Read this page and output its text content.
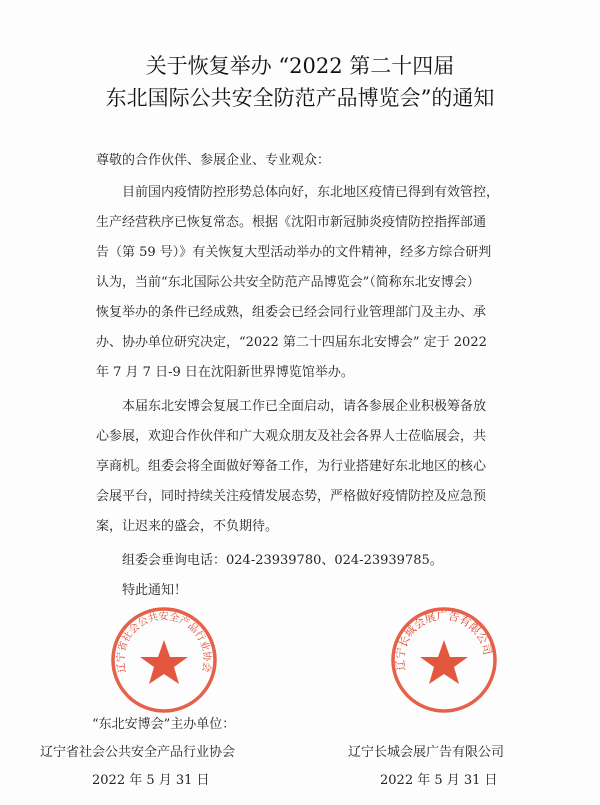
关于恢复举办 “2022 第二十四届
东北国际公共安全防范产品博览会”的通知
尊敬的合作伙伴、参展企业、专业观众：
目前国内疫情防控形势总体向好，东北地区疫情已得到有效管控，
生产经营秩序已恢复常态。根据《沈阳市新冠肺炎疫情防控指挥部通
告（第 59 号）》有关恢复大型活动举办的文件精神，经多方综合研判
认为，当前“东北国际公共安全防范产品博览会”（简称东北安博会）
恢复举办的条件已经成熟，组委会已经会同行业管理部门及主办、承
办、协办单位研究决定，“2022 第二十四届东北安博会” 定于 2022
年 7 月 7 日-9 日在沈阳新世界博览馆举办。
本届东北安博会复展工作已全面启动，请各参展企业积极筹备放
心参展，欢迎合作伙伴和广大观众朋友及社会各界人士莅临展会，共
享商机。组委会将全面做好筹备工作，为行业搭建好东北地区的核心
会展平台，同时持续关注疫情发展态势，严格做好疫情防控及应急预
案，让迟来的盛会，不负期待。
组委会垂询电话：024-23939780、024-23939785。
特此通知！
“东北安博会”主办单位：
辽宁省社会公共安全产品行业协会
2022 年 5 月 31 日
辽宁长城会展广告有限公司
2022 年 5 月 31 日
辽宁省社会公共安全产品行业协会	辽宁长城会展广告有限公司
